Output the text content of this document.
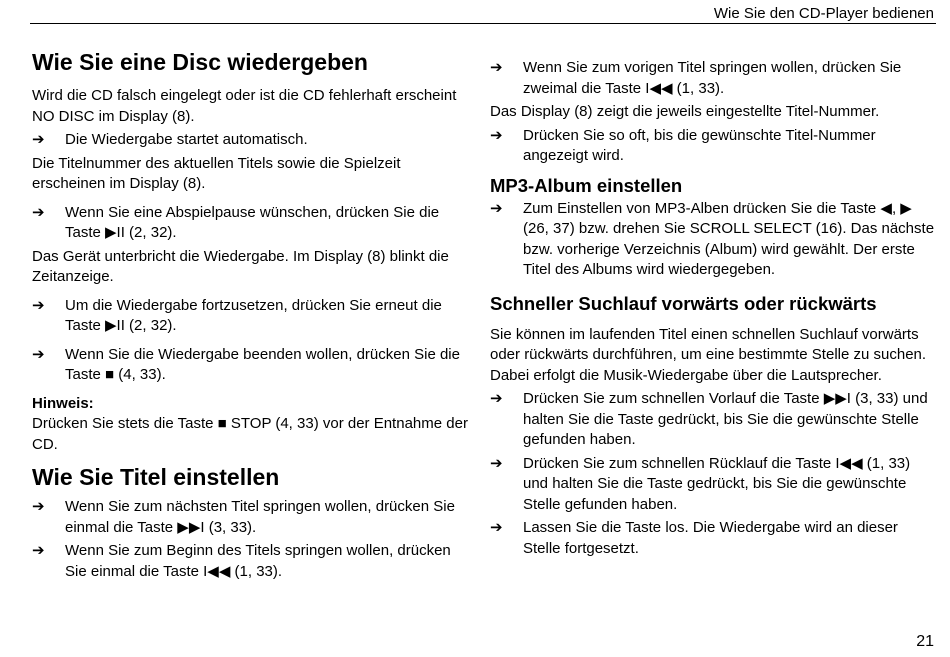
Wie Sie den CD-Player bedienen
Wie Sie eine Disc wiedergeben

Wird die CD falsch eingelegt oder ist die CD fehlerhaft erscheint NO DISC im Display (8).

➔	Die Wiedergabe startet automatisch.

Die Titelnummer des aktuellen Titels sowie die Spielzeit erscheinen im Display (8).

➔	Wenn Sie eine Abspielpause wünschen, drücken Sie die Taste ▶II (2, 32).

Das Gerät unterbricht die Wiedergabe. Im Display (8) blinkt die Zeitanzeige.

➔	Um die Wiedergabe fortzusetzen, drücken Sie erneut die Taste ▶II (2, 32).
➔	Wenn Sie die Wiedergabe beenden wollen, drücken Sie die Taste ■ (4, 33).

Hinweis:

Drücken Sie stets die Taste ■ STOP (4, 33) vor der Entnahme der CD.

Wie Sie Titel einstellen
➔	Wenn Sie zum nächsten Titel springen wollen, drücken Sie einmal die Taste ▶▶I (3, 33).
➔	Wenn Sie zum Beginn des Titels springen wollen, drücken Sie einmal die Taste I◀◀ (1, 33).
➔	Wenn Sie zum vorigen Titel springen wollen, drücken Sie zweimal die Taste I◀◀ (1, 33).

Das Display (8) zeigt die jeweils eingestellte Titel-Nummer.

➔	Drücken Sie so oft, bis die gewünschte Titel-Nummer angezeigt wird.
MP3-Album einstellen
➔	Zum Einstellen von MP3-Alben drücken Sie die Taste ◀, ▶ (26, 37) bzw. drehen Sie SCROLL SELECT (16). Das nächste bzw. vorherige Verzeichnis (Album) wird gewählt. Der erste Titel des Albums wird wiedergegeben.
Schneller Suchlauf vorwärts oder rückwärts

Sie können im laufenden Titel einen schnellen Suchlauf vorwärts oder rückwärts durchführen, um eine bestimmte Stelle zu suchen. Dabei erfolgt die Musik-Wiedergabe über die Lautsprecher.

➔	Drücken Sie zum schnellen Vorlauf die Taste ▶▶I (3, 33) und halten Sie die Taste gedrückt, bis Sie die gewünschte Stelle gefunden haben.
➔	Drücken Sie zum schnellen Rücklauf die Taste I◀◀ (1, 33) und halten Sie die Taste gedrückt, bis Sie die gewünschte Stelle gefunden haben.
➔	Lassen Sie die Taste los. Die Wiedergabe wird an dieser Stelle fortgesetzt.
21
